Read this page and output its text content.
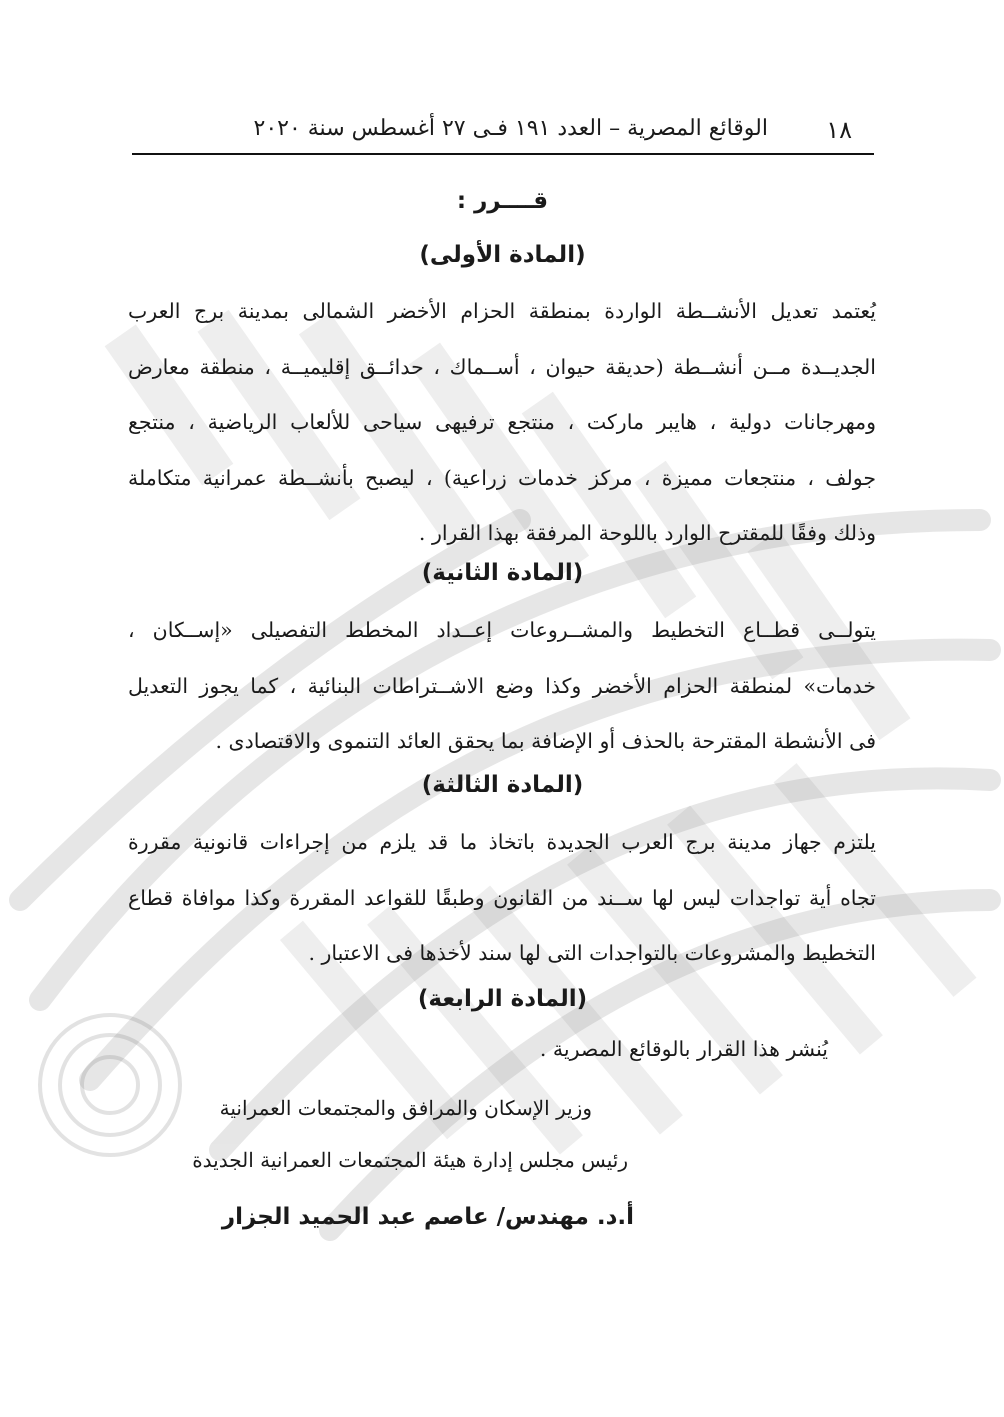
١٨
الوقائع المصرية – العدد ١٩١ فـى ٢٧ أغسطس سنة ٢٠٢٠
قــــرر :
(المادة الأولى)
يُعتمد تعديل الأنشــطة الواردة بمنطقة الحزام الأخضر الشمالى بمدينة برج العرب
الجديــدة مــن أنشــطة (حديقة حيوان ، أســماك ، حدائــق إقليميــة ، منطقة معارض
ومهرجانات دولية ، هايبر ماركت ، منتجع ترفيهى سياحى للألعاب الرياضية ، منتجع
جولف ، منتجعات مميزة ، مركز خدمات زراعية) ، ليصبح بأنشــطة عمرانية متكاملة
وذلك وفقًا للمقترح الوارد باللوحة المرفقة بهذا القرار .
(المادة الثانية)
يتولــى قطــاع التخطيط والمشــروعات إعــداد المخطط التفصيلى «إســكان ،
خدمات» لمنطقة الحزام الأخضر وكذا وضع الاشــتراطات البنائية ، كما يجوز التعديل
فى الأنشطة المقترحة بالحذف أو الإضافة بما يحقق العائد التنموى والاقتصادى .
(المادة الثالثة)
يلتزم جهاز مدينة برج العرب الجديدة باتخاذ ما قد يلزم من إجراءات قانونية مقررة
تجاه أية تواجدات ليس لها ســند من القانون وطبقًا للقواعد المقررة وكذا موافاة قطاع
التخطيط والمشروعات بالتواجدات التى لها سند لأخذها فى الاعتبار .
(المادة الرابعة)
يُنشر هذا القرار بالوقائع المصرية .
وزير الإسكان والمرافق والمجتمعات العمرانية
رئيس مجلس إدارة هيئة المجتمعات العمرانية الجديدة
أ.د. مهندس/ عاصم عبد الحميد الجزار
